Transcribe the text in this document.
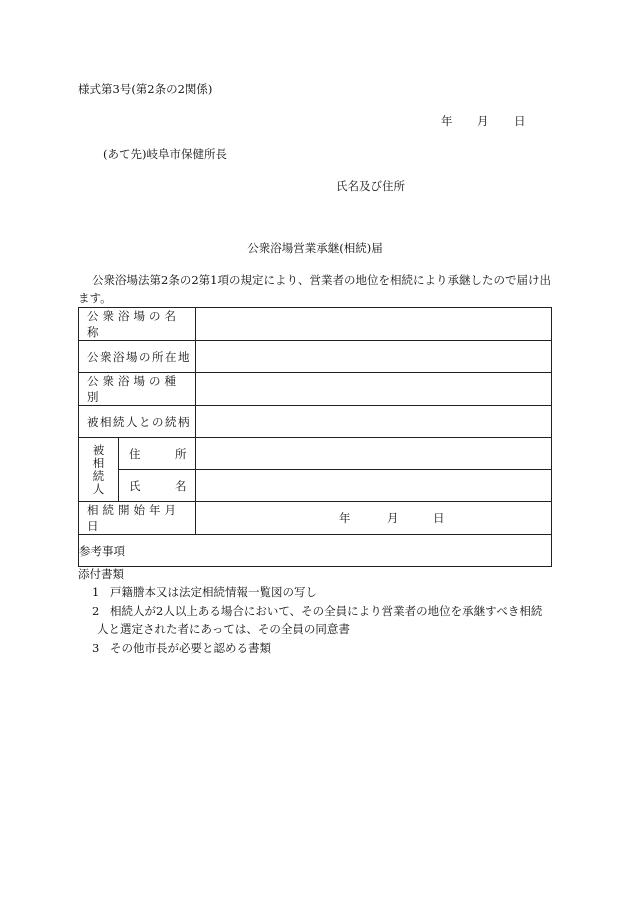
様式第3号(第2条の2関係)
年 月 日
(あて先)岐阜市保健所長
氏名及び住所
公衆浴場営業承継(相続)届
公衆浴場法第2条の2第1項の規定により、営業者の地位を相続により承継したので届け出
ます。
公衆浴場の名称		
公衆浴場の所在地		
公衆浴場の種別		
被相続人との続柄		

被
相
続
人	住 所	
	氏 名	
相続開始年月日		年 月 日
参考事項		
添付書類
1 戸籍謄本又は法定相続情報一覧図の写し
2 相続人が2人以上ある場合において、その全員により営業者の地位を承継すべき相続
人と選定された者にあっては、その全員の同意書
3 その他市長が必要と認める書類
